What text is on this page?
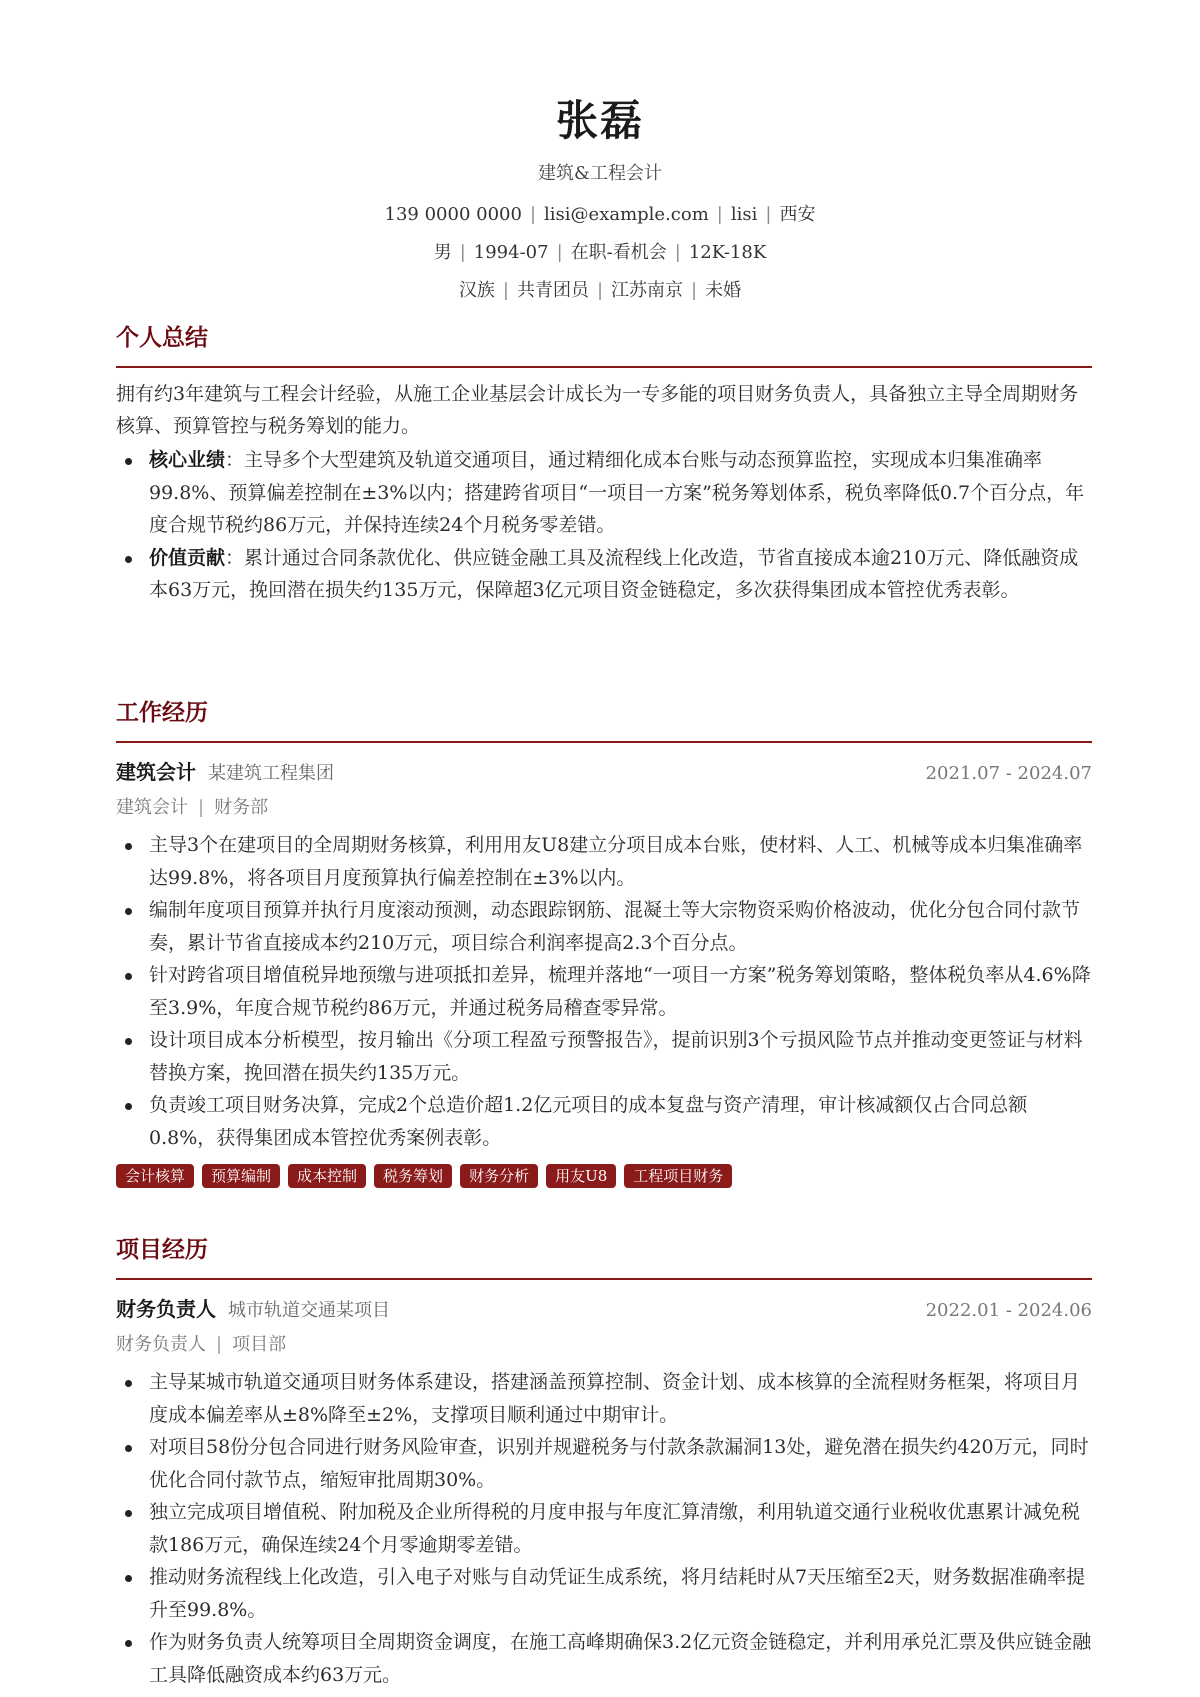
张磊
建筑&工程会计
139 0000 0000 | lisi@example.com | lisi | 西安
男 | 1994-07 | 在职-看机会 | 12K-18K
汉族 | 共青团员 | 江苏南京 | 未婚
个人总结
拥有约3年建筑与工程会计经验，从施工企业基层会计成长为一专多能的项目财务负责人，具备独立主导全周期财务核算、预算管控与税务筹划的能力。
核心业绩：主导多个大型建筑及轨道交通项目，通过精细化成本台账与动态预算监控，实现成本归集准确率99.8%、预算偏差控制在±3%以内；搭建跨省项目“一项目一方案”税务筹划体系，税负率降低0.7个百分点，年度合规节税约86万元，并保持连续24个月税务零差错。
价值贡献：累计通过合同条款优化、供应链金融工具及流程线上化改造，节省直接成本逾210万元、降低融资成本63万元，挽回潜在损失约135万元，保障超3亿元项目资金链稳定，多次获得集团成本管控优秀表彰。
工作经历
建筑会计 某建筑工程集团	2021.07 - 2024.07
建筑会计 | 财务部
主导3个在建项目的全周期财务核算，利用用友U8建立分项目成本台账，使材料、人工、机械等成本归集准确率达99.8%，将各项目月度预算执行偏差控制在±3%以内。
编制年度项目预算并执行月度滚动预测，动态跟踪钢筋、混凝土等大宗物资采购价格波动，优化分包合同付款节奏，累计节省直接成本约210万元，项目综合利润率提高2.3个百分点。
针对跨省项目增值税异地预缴与进项抵扣差异，梳理并落地“一项目一方案”税务筹划策略，整体税负率从4.6%降至3.9%，年度合规节税约86万元，并通过税务局稽查零异常。
设计项目成本分析模型，按月输出《分项工程盈亏预警报告》，提前识别3个亏损风险节点并推动变更签证与材料替换方案，挽回潜在损失约135万元。
负责竣工项目财务决算，完成2个总造价超1.2亿元项目的成本复盘与资产清理，审计核减额仅占合同总额0.8%，获得集团成本管控优秀案例表彰。
会计核算	预算编制	成本控制	税务筹划	财务分析	用友U8	工程项目财务
项目经历
财务负责人 城市轨道交通某项目	2022.01 - 2024.06
财务负责人 | 项目部
主导某城市轨道交通项目财务体系建设，搭建涵盖预算控制、资金计划、成本核算的全流程财务框架，将项目月度成本偏差率从±8%降至±2%，支撑项目顺利通过中期审计。
对项目58份分包合同进行财务风险审查，识别并规避税务与付款条款漏洞13处，避免潜在损失约420万元，同时优化合同付款节点，缩短审批周期30%。
独立完成项目增值税、附加税及企业所得税的月度申报与年度汇算清缴，利用轨道交通行业税收优惠累计减免税款186万元，确保连续24个月零逾期零差错。
推动财务流程线上化改造，引入电子对账与自动凭证生成系统，将月结耗时从7天压缩至2天，财务数据准确率提升至99.8%。
作为财务负责人统筹项目全周期资金调度，在施工高峰期确保3.2亿元资金链稳定，并利用承兑汇票及供应链金融工具降低融资成本约63万元。
